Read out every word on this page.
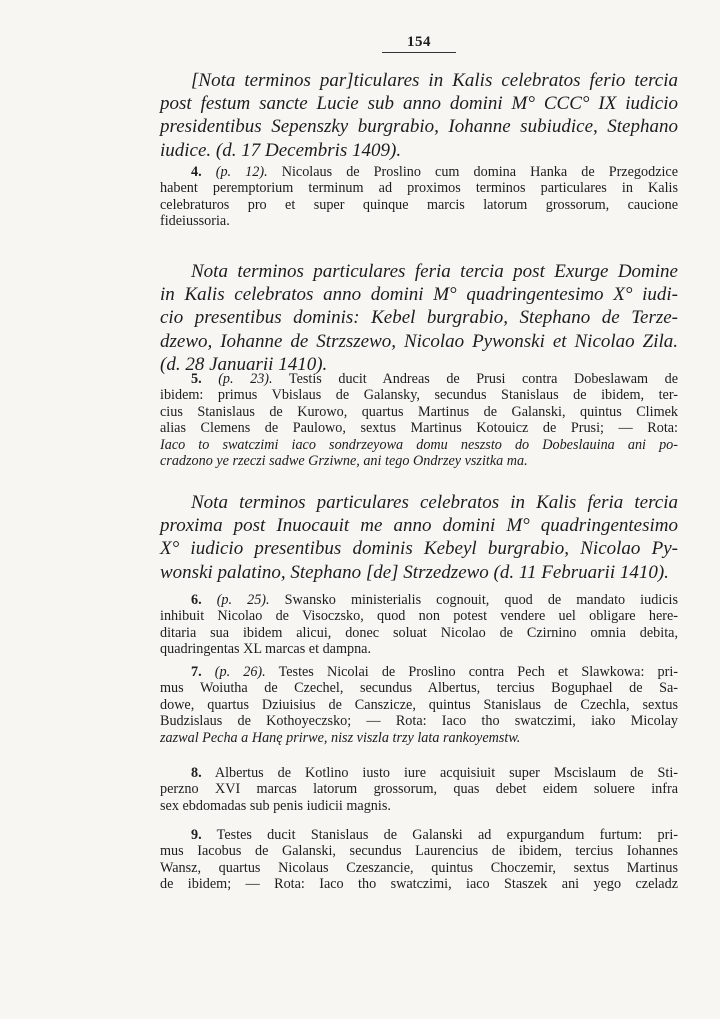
154
[Nota terminos par]ticulares in Kalis celebratos ferio tercia
post festum sancte Lucie sub anno domini M° CCC° IX iudicio
presidentibus Sepenszky burgrabio, Iohanne subiudice, Stephano
iudice. (d. 17 Decembris 1409).
4. (p. 12). Nicolaus de Proslino cum domina Hanka de Przegodzice
habent peremptorium terminum ad proximos terminos particulares in Kalis
celebraturos pro et super quinque marcis latorum grossorum, caucione
fideiussoria.
Nota terminos particulares feria tercia post Exurge Domine
in Kalis celebratos anno domini M° quadringentesimo X° iudi-
cio presentibus dominis: Kebel burgrabio, Stephano de Terze-
dzewo, Iohanne de Strzszewo, Nicolao Pywonski et Nicolao Zila.
(d. 28 Januarii 1410).
5. (p. 23). Testis ducit Andreas de Prusi contra Dobeslawam de
ibidem: primus Vbislaus de Galansky, secundus Stanislaus de ibidem, ter-
cius Stanislaus de Kurowo, quartus Martinus de Galanski, quintus Climek
alias Clemens de Paulowo, sextus Martinus Kotouicz de Prusi; — Rota:
Iaco to swatczimi iaco sondrzeyowa domu neszsto do Dobeslauina ani po-
cradzono ye rzeczi sadwe Grziwne, ani tego Ondrzey vszitka ma.
Nota terminos particulares celebratos in Kalis feria tercia
proxima post Inuocauit me anno domini M° quadringentesimo
X° iudicio presentibus dominis Kebeyl burgrabio, Nicolao Py-
wonski palatino, Stephano [de] Strzedzewo (d. 11 Februarii 1410).
6. (p. 25). Swansko ministerialis cognouit, quod de mandato iudicis
inhibuit Nicolao de Visoczsko, quod non potest vendere uel obligare here-
ditaria sua ibidem alicui, donec soluat Nicolao de Czirnino omnia debita,
quadringentas XL marcas et dampna.
7. (p. 26). Testes Nicolai de Proslino contra Pech et Slawkowa: pri-
mus Woiutha de Czechel, secundus Albertus, tercius Boguphael de Sa-
dowe, quartus Dziuisius de Canszicze, quintus Stanislaus de Czechla, sextus
Budzislaus de Kothoyeczsko; — Rota: Iaco tho swatczimi, iako Micolay
zazwal Pecha a Hanę prirwe, nisz viszla trzy lata rankoyemstw.
8. Albertus de Kotlino iusto iure acquisiuit super Mscislaum de Sti-
perzno XVI marcas latorum grossorum, quas debet eidem soluere infra
sex ebdomadas sub penis iudicii magnis.
9. Testes ducit Stanislaus de Galanski ad expurgandum furtum: pri-
mus Iacobus de Galanski, secundus Laurencius de ibidem, tercius Iohannes
Wansz, quartus Nicolaus Czeszancie, quintus Choczemir, sextus Martinus
de ibidem; — Rota: Iaco tho swatczimi, iaco Staszek ani yego czeladz
